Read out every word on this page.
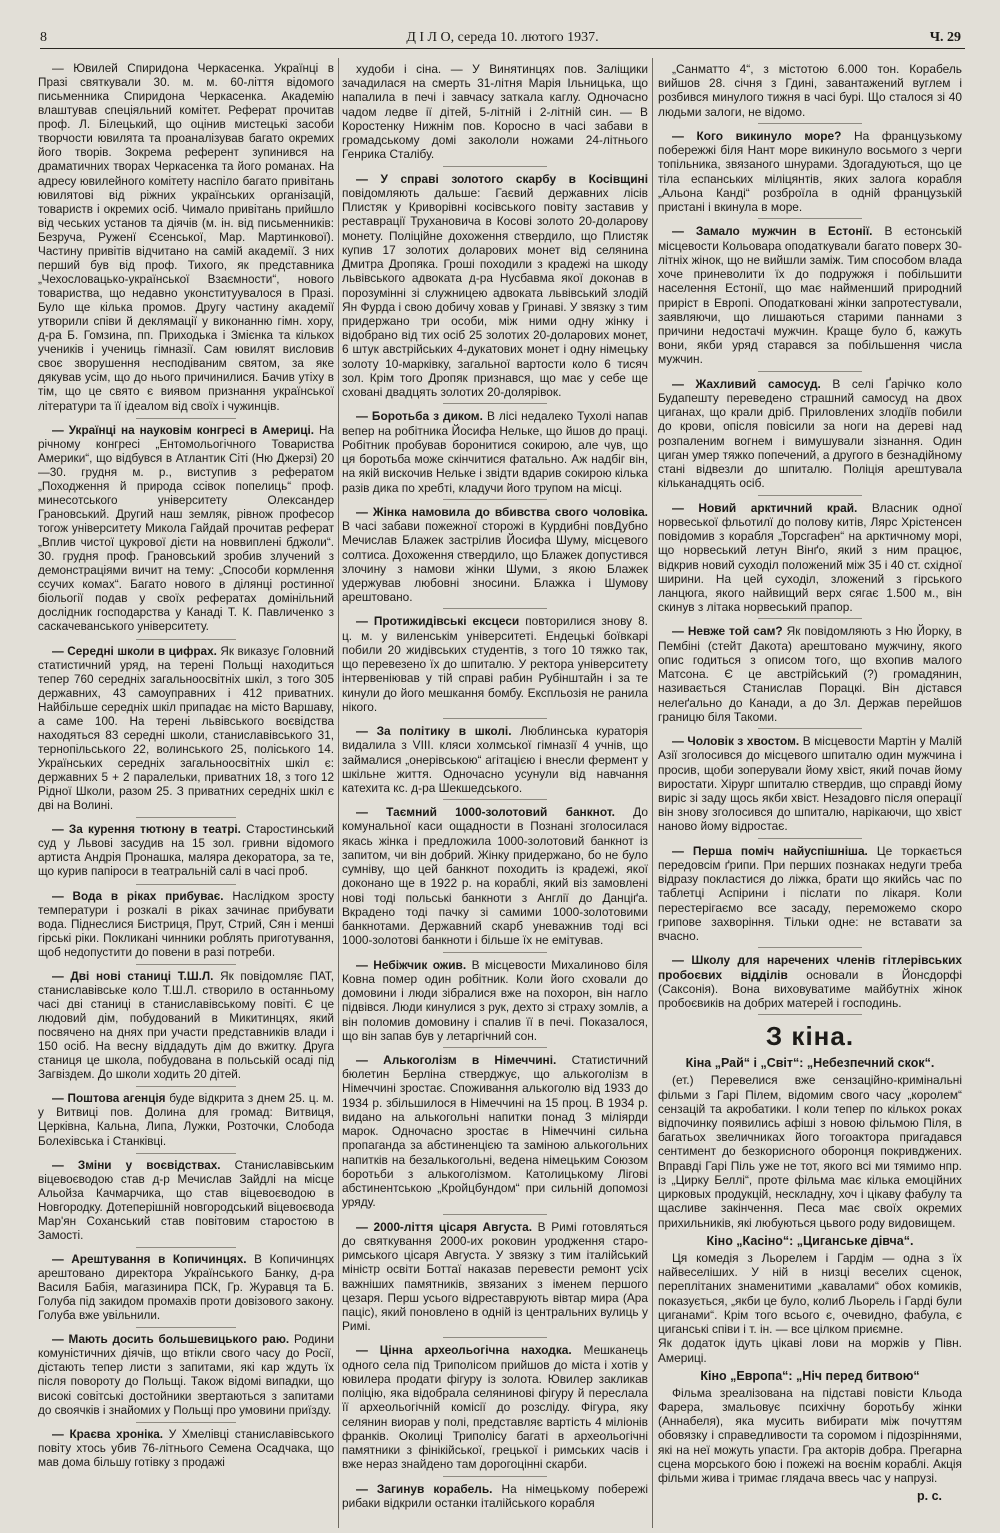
8	Д І Л О, середа 10. лютого 1937.	Ч. 29

— Ювилей Спиридона Черкасенка. Українці в Празі святкували 30. м. м. 60-ліття відомого письменника Спиридона Черкасенка. Академію влаштував спеціяльний комітет. Реферат прочитав проф. Л. Білецький, що оцінив мистецькі засоби творчости ювилята та проаналізував багато окремих його творів. Зокрема референт зупинився на драматичних творах Черкасенка та його романах. На адресу ювилейного комітету наспіло багато привітань ювилятові від ріжних українських організацій, товариств і окремих осіб. Чимало привітань прийшло від чеських установ та діячів (м. ін. від письменників: Безруча, Руженї Єсенської, Мар. Мартинкової). Частину привітів відчитано на самій академії. З них перший був від проф. Тихого, як представника „Чехословацько-української Взаємности“, нового товариства, що недавно уконституувалося в Празі. Було ще кілька промов. Другу частину академії утворили співи й деклямації у виконанню гімн. хору, д-ра Б. Гомзина, пп. Приходька і Змієнка та кількох учеників і учениць гімназії. Сам ювилят висловив своє зворушення несподіваним святом, за яке дякував усім, що до нього причинилися. Бачив утіху в тім, що це свято є виявом признання української літератури та її ідеалом від своїх і чужинців.

— Українці на науковім конгресі в Америці. На річному конгресі „Ентомольогічного Товариства Америки“, що відбувся в Атлантик Сіті (Ню Джерзі) 20—30. грудня м. р., виступив з рефератом „Походження й природа ссівок попелиць“ проф. минесотського університету Олександер Грановський. Другий наш земляк, рівнож професор тогож університету Микола Гайдай прочитав реферат „Вплив чистої цукрової дієти на новвиплені бджоли“. 30. грудня проф. Грановський зробив злучений з демонстраціями вичит на тему: „Способи кормлення ссучих комах“. Багато нового в ділянці ростинної біольогії подав у своїх рефератах домінільний дослідник господарства у Канаді Т. К. Павличенко з саскачеванського університету.

— Середні школи в цифрах. Як виказує Головний статистичний уряд, на терені Польщі находиться тепер 760 середніх загальноосвітніх шкіл, з того 305 державних, 43 самоуправних і 412 приватних. Найбільше середніх шкіл припадає на місто Варшаву, а саме 100. На терені львівського воєвідства находяться 83 середні школи, станиславівського 31, тернопільського 22, волинського 25, поліського 14. Українських середніх загальноосвітніх шкіл є: державних 5 + 2 паралельки, приватних 18, з того 12 Рідної Школи, разом 25. З приватних середніх шкіл є дві на Волині.

— За курення тютюну в театрі. Старостинський суд у Львові засудив на 15 зол. гривни відомого артиста Андрія Пронашка, маляра декоратора, за те, що курив папіроси в театральній салі в часі проб.

— Вода в ріках прибуває. Наслідком зросту температури і розкалі в ріках зачинає прибувати вода. Піднеслися Бистриця, Прут, Стрий, Сян і менші гірські ріки. Покликані чинники роблять приготування, щоб недопустити до повени в разі потреби.

— Дві нові станиці Т.Ш.Л. Як повідомляє ПАТ, станиславівське коло Т.Ш.Л. створило в останньому часі дві станиці в станиславівському повіті. Є це людовий дім, побудований в Микитинцях, який посвячено на днях при участи представників влади і 150 осіб. На весну віддадуть дім до вжитку. Друга станиця це школа, побудована в польській осаді під Загвіздем. До школи ходить 20 дітей.

— Поштова агенція буде відкрита з днем 25. ц. м. у Витвиці пов. Долина для громад: Витвиця, Церківна, Кальна, Липа, Лужки, Розточки, Слобода Болехівська і Станківці.

— Зміни у воєвідствах. Станиславівським віцевоєводою став д-р Мечислав Зайдлі на місце Альойза Качмарчика, що став віцевоєводою в Новгородку. Дотеперішній новгородський віцевоєвода Мар'ян Соханський став повітовим старостою в Замості.

— Арештування в Копичинцях. В Копичинцях арештовано директора Українського Банку, д-ра Василя Бабія, магазинира ПСК, Гр. Журавця та Б. Голуба під закидом промахів проти довізового закону. Голуба вже увільнили.

— Мають досить большевицького раю. Родини комуністичних діячів, що втікли свого часу до Росії, дістають тепер листи з запитами, які кар ждуть їх після повороту до Польщі. Також відомі випадки, що високі совітські достойники звертаються з запитами до своячків і знайомих у Польщі про умовини приїзду.

— Краєва хроніка. У Хмелівці станиславівського повіту хтось убив 76-літнього Семена Осадчака, що мав дома більшу готівку з продажі

худоби і сіна. — У Винятинцях пов. Заліщики зачадилася на смерть 31-літня Марія Ільницька, що напалила в печі і завчасу заткала каглу. Одночасно чадом ледве ії дітей, 5-літній і 2-літній син. — В Коростенку Нижнім пов. Коросно в часі забави в громадському домі закололи ножами 24-літнього Генрика Сталібу.

— У справі золотого скарбу в Косівщині повідомляють дальше: Гаєвий державних лісів Плистяк у Криворівні косівського повіту заставив у реставрації Трухановича в Косові золото 20-доларову монету. Поліційне дохоження ствердило, що Плистяк купив 17 золотих доларових монет від селянина Дмитра Дропяка. Гроші походили з крадежі на шкоду львівського адвоката д-ра Нусбавма якої доконав в порозумінні зі служницею адвоката львівський злодій Ян Фурда і свою добичу ховав у Гринаві. У звязку з тим придержано три особи, між ними одну жінку і відобрано від тих осіб 25 золотих 20-доларових монет, 6 штук австрійських 4-дукатових монет і одну німецьку золоту 10-марківку, загальної вартости коло 6 тисяч зол. Крім того Дропяк признався, що має у себе ще сховані двадцять золотих 20-долярівок.

— Боротьба з диком. В лісі недалеко Тухолі напав вепер на робітника Йосифа Нельке, що йшов до праці. Робітник пробував боронитися сокирою, але чув, що ця боротьба може скінчитися фатально. Аж надбіг він, на якій вискочив Нельке і звідти вдарив сокирою кілька разів дика по хребті, кладучи його трупом на місці.

— Жінка намовила до вбивства свого чоловіка. В часі забави пожежної сторожі в Курдибні повДубно Мечислав Блажек застрілив Йосифа Шуму, місцевого солтиса. Дохоження ствердило, що Блажек допустився злочину з намови жінки Шуми, з якою Блажек удержував любовні зносини. Блажка і Шумову арештовано.

— Протижидівські ексцеси повторилися знову 8. ц. м. у виленськім університеті. Ендецькі боївкарі побили 20 жидівських студентів, з того 10 тяжко так, що перевезено їх до шпиталю. У ректора університету інтервеніював у тій справі рабин Рубінштайн і за те кинули до його мешкання бомбу. Експльозія не ранила нікого.

— За політику в школі. Люблинська кураторія видалила з VIII. кляси холмської гімназії 4 учнів, що займалися „онерівською“ агітацією і внесли фермент у шкільне життя. Одночасно усунули від навчання катехита кс. д-ра Шекшедського.

— Таємний 1000-золотовий банкнот. До комунальної каси ощадности в Познані зголосилася якась жінка і предложила 1000-золотовий банкнот із запитом, чи він добрий. Жінку придержано, бо не було сумніву, що цей банкнот походить із крадежі, якої доконано ще в 1922 р. на кораблі, який віз замовлені нові тоді польські банкноти з Англії до Данціґа. Вкрадено тоді пачку зі самими 1000-золотовими банкнотами. Державний скарб уневажнив тоді всі 1000-золотові банкноти і більше їх не емітував.

— Небіжчик ожив. В місцевости Михалиново біля Ковна помер один робітник. Коли його сховали до домовини і люди зібралися вже на похорон, він нагло підвівся. Люди кинулися з рук, дехто зі страху зомлів, а він поломив домовину і спалив її в печі. Показалося, що він запав був у летаргічний сон.

— Алькоголізм в Німеччині. Статистичний бюлетин Берліна стверджує, що алькоголізм в Німеччині зростає. Споживання алькоголю від 1933 до 1934 р. збільшилося в Німеччині на 15 проц. В 1934 р. видано на алькогольні напитки понад 3 міліярди марок. Одночасно зростає в Німеччині сильна пропаганда за абстиненцією та заміною алькогольних напитків на безалькогольні, ведена німецьким Союзом боротьби з алькоголізмом. Католицькому Лігові абстинентською „Кройцбундом“ при сильній допомозі уряду.

— 2000-ліття цісаря Августа. В Римі готовляться до святкування 2000-их роковин уродження старо-римського цісаря Августа. У звязку з тим італійський міністр освіти Боттаї наказав перевести ремонт усіх важніших памятників, звязаних з іменем першого цезаря. Перш усього відреставрують вівтар мира (Ара паціс), який поновлено в одній із центральних вулиць у Римі.

— Цінна археольогічна находка. Мешканець одного села під Триполісом прийшов до міста і хотів у ювилера продати фігуру із золота. Ювилер закликав поліцію, яка відобрала селянинові фігуру й переслала її археольогічній комісії до розсліду. Фігура, яку селянин виорав у полі, представляє вартість 4 міліонів франків. Околиці Триполісу багаті в археольогічні памятники з фінікійської, грецької і римських часів і вже нераз знайдено там дорогоцінні скарби.

— Загинув корабель. На німецькому побережі рибаки відкрили останки італійського корабля

„Санматто 4“, з містотою 6.000 тон. Корабель вийшов 28. січня з Гдині, завантажений вуглем і розбився минулого тижня в часі бурі. Що сталося зі 40 людьми залоги, не відомо.

— Кого викинуло море? На французькому побережжі біля Нант море викинуло восьмого з черги топільника, звязаного шнурами. Здогадуються, що це тіла еспанських міліцянтів, яких залога корабля „Альона Канді“ розброїла в одній французькій пристані і вкинула в море.

— Замало мужчин в Естонії. В естонській місцевости Кольовара оподаткували багато поверх 30-літніх жінок, що не вийшли заміж. Тим способом влада хоче приневолити їх до подружжя і побільшити населення Естонії, що має найменший природний приріст в Европі. Оподатковані жінки запротестували, заявляючи, що лишаються старими паннами з причини недостачі мужчин. Краще було б, кажуть вони, якби уряд старався за побільшення числа мужчин.

— Жахливий самосуд. В селі Ґарічко коло Будапешту переведено страшний самосуд на двох циганах, що крали дріб. Приловлених злодіїв побили до крови, опісля повісили за ноги на дереві над розпаленим вогнем і вимушували зізнання. Один циган умер тяжко попечений, а другого в безнадійному стані відвезли до шпиталю. Поліція арештувала кільканадцять осіб.

— Новий арктичний край. Власник одної норвеської фльотилї до полову китів, Лярс Хрістенсен повідомив з корабля „Торсгафен“ на арктичному морі, що норвеський летун Вінґо, який з ним працює, відкрив новий суходіл положений між 35 і 40 ст. східної ширини. На цей суходіл, зложений з гірського ланцюга, якого найвищий верх сягає 1.500 м., він скинув з літака норвеський прапор.

— Невже той сам? Як повідомляють з Ню Йорку, в Пембіні (стейт Дакота) арештовано мужчину, якого опис годиться з описом того, що вхопив малого Матсона. Є це австрійський (?) громадянин, називається Станислав Порацкі. Він дістався нелеґально до Канади, а до Зл. Держав перейшов границю біля Такоми.

— Чоловік з хвостом. В місцевости Мартін у Малій Азії зголосився до місцевого шпиталю один мужчина і просив, щоби зоперували йому хвіст, який почав йому виростати. Хірург шпиталю ствердив, що справді йому виріс зі заду щось якби хвіст. Незадовго після операції він знову зголосився до шпиталю, нарікаючи, що хвіст наново йому відростає.

— Перша поміч найуспішніша. Це торкається передовсім ґрипи. При перших познаках недуги треба відразу покластися до ліжка, брати що якийсь час по таблетці Аспірини і післати по лікаря. Коли перестерігаємо все засаду, переможемо скоро грипове захворіння. Тільки одне: не вставати за вчасно.

— Школу для наречених членів гітлерівських пробоєвих відділів основали в Йонсдорфі (Саксонія). Вона виховуватиме майбутніх жінок пробоєвиків на добрих матерей і господинь.

З кіна.
Кіна „Рай“ і „Світ“: „Небезпечний скок“.

(ет.) Перевелися вже сензаційно-кримінальні фільми з Гарі Пілем, відомим свого часу „королем“ сензацій та акробатики. І коли тепер по кількох роках відпочинку появились афіші з новою фільмою Піля, в багатьох звеличниках його тогоактора пригадався сентимент до безкорисного оборонця покривджених. Вправді Гарі Піль уже не тот, якого всі ми тямимо нпр. із „Цирку Беллі“, проте фільма має кілька емоційних цирковых продукцій, нескладну, хоч і цікаву фабулу та щасливе закінчення. Песа має своїх окремих прихильників, які любуються цьвого роду видовищем.

Кіно „Касіно“: „Циганське дівча“.

Ця комедія з Льорелем і Гардім — одна з їх найвеселіших. У ній в низці веселих сценок, переплітаних знаменитими „кавалами“ обох комиків, показується, „якби це було, колиб Льорель і Гарді були циганами“. Крім того всього є, очевидно, фабула, є циганські співи і т. ін. — все цілком приємне.
Як додаток ідуть цікаві лови на моржів у Півн. Америці.

Кіно „Европа“: „Ніч перед битвою“

Фільма зреалізована на підставі повісти Кльода Фарера, змальовує психічну боротьбу жінки (Аннабеля), яка мусить вибирати між почуттям обовязку і справедливости та соромом і підозріннями, які на неї можуть упасти. Гра акторів добра. Прегарна сцена морського бою і пожежі на воєнім кораблі. Акція фільми жива і тримає глядача ввесь час у напрузі.

р. с.
